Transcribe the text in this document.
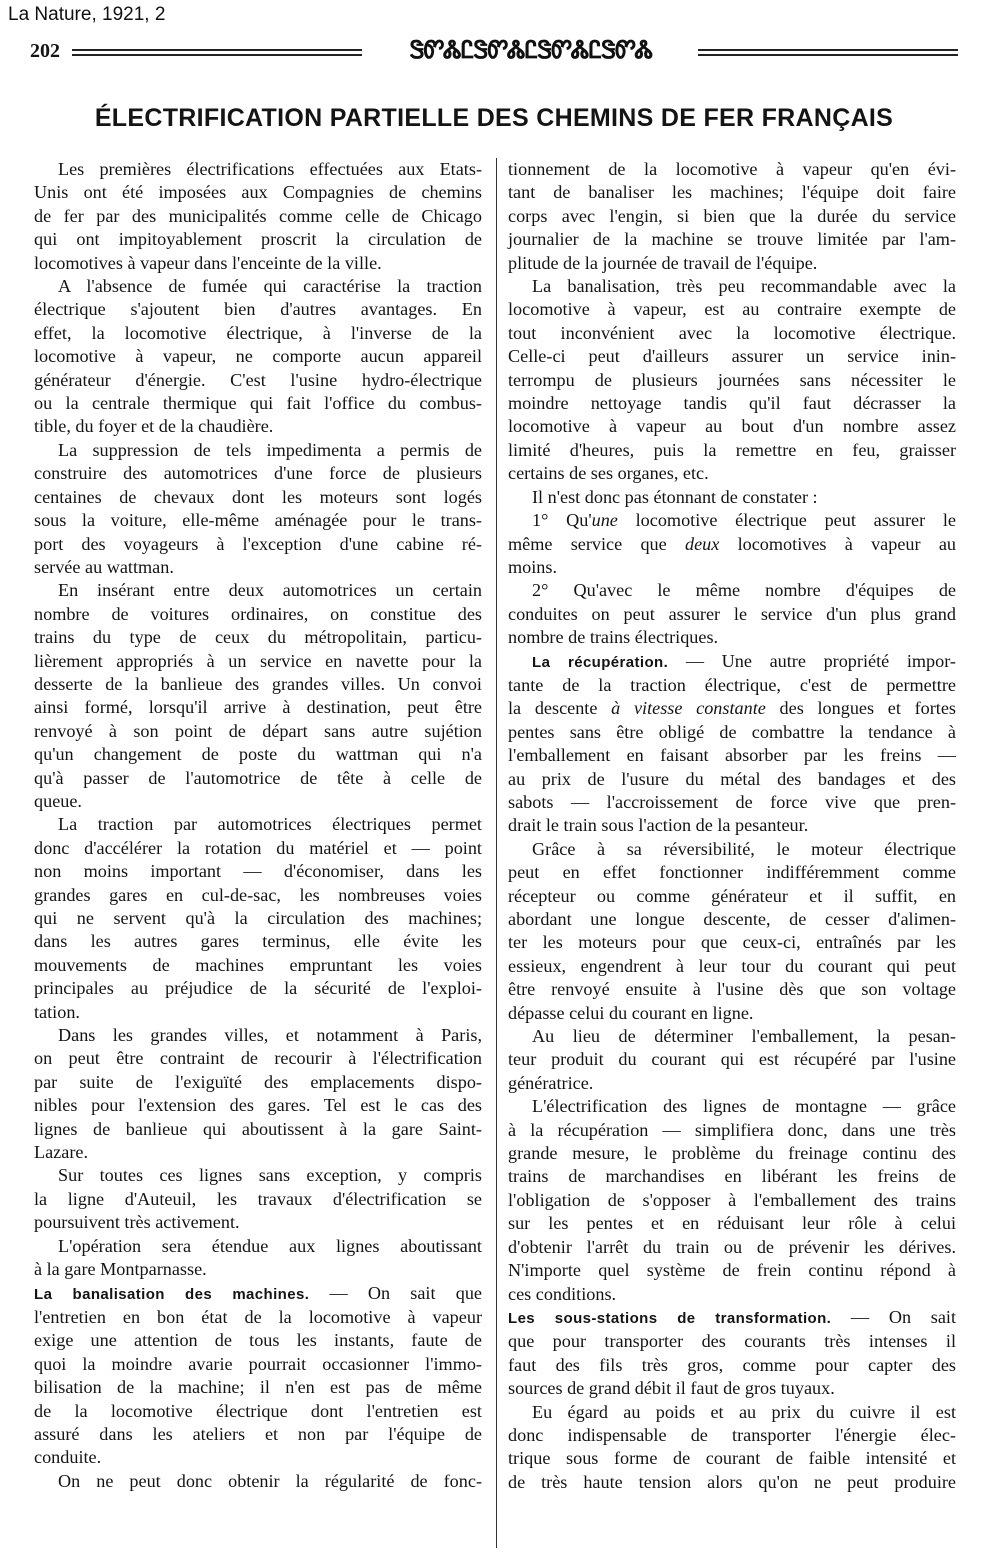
La Nature, 1921, 2
202	ᏕᏛᏜᏝᏕᏛᏜᏝᏕᏛᏜᏝᏕᏛᏜ
ÉLECTRIFICATION PARTIELLE DES CHEMINS DE FER FRANÇAIS
Les premières électrifications effectuées aux Etats-
Unis ont été imposées aux Compagnies de chemins
de fer par des municipalités comme celle de Chicago
qui ont impitoyablement proscrit la circulation de
locomotives à vapeur dans l'enceinte de la ville.
A l'absence de fumée qui caractérise la traction
électrique s'ajoutent bien d'autres avantages. En
effet, la locomotive électrique, à l'inverse de la
locomotive à vapeur, ne comporte aucun appareil
générateur d'énergie. C'est l'usine hydro-électrique
ou la centrale thermique qui fait l'office du combus-
tible, du foyer et de la chaudière.
La suppression de tels impedimenta a permis de
construire des automotrices d'une force de plusieurs
centaines de chevaux dont les moteurs sont logés
sous la voiture, elle-même aménagée pour le trans-
port des voyageurs à l'exception d'une cabine ré-
servée au wattman.
En insérant entre deux automotrices un certain
nombre de voitures ordinaires, on constitue des
trains du type de ceux du métropolitain, particu-
lièrement appropriés à un service en navette pour la
desserte de la banlieue des grandes villes. Un convoi
ainsi formé, lorsqu'il arrive à destination, peut être
renvoyé à son point de départ sans autre sujétion
qu'un changement de poste du wattman qui n'a
qu'à passer de l'automotrice de tête à celle de
queue.
La traction par automotrices électriques permet
donc d'accélérer la rotation du matériel et — point
non moins important — d'économiser, dans les
grandes gares en cul-de-sac, les nombreuses voies
qui ne servent qu'à la circulation des machines;
dans les autres gares terminus, elle évite les
mouvements de machines empruntant les voies
principales au préjudice de la sécurité de l'exploi-
tation.
Dans les grandes villes, et notamment à Paris,
on peut être contraint de recourir à l'électrification
par suite de l'exiguïté des emplacements dispo-
nibles pour l'extension des gares. Tel est le cas des
lignes de banlieue qui aboutissent à la gare Saint-
Lazare.
Sur toutes ces lignes sans exception, y compris
la ligne d'Auteuil, les travaux d'électrification se
poursuivent très activement.
L'opération sera étendue aux lignes aboutissant
à la gare Montparnasse.
La banalisation des machines. — On sait que
l'entretien en bon état de la locomotive à vapeur
exige une attention de tous les instants, faute de
quoi la moindre avarie pourrait occasionner l'immo-
bilisation de la machine; il n'en est pas de même
de la locomotive électrique dont l'entretien est
assuré dans les ateliers et non par l'équipe de
conduite.
On ne peut donc obtenir la régularité de fonc-
tionnement de la locomotive à vapeur qu'en évi-
tant de banaliser les machines; l'équipe doit faire
corps avec l'engin, si bien que la durée du service
journalier de la machine se trouve limitée par l'am-
plitude de la journée de travail de l'équipe.
La banalisation, très peu recommandable avec la
locomotive à vapeur, est au contraire exempte de
tout inconvénient avec la locomotive électrique.
Celle-ci peut d'ailleurs assurer un service inin-
terrompu de plusieurs journées sans nécessiter le
moindre nettoyage tandis qu'il faut décrasser la
locomotive à vapeur au bout d'un nombre assez
limité d'heures, puis la remettre en feu, graisser
certains de ses organes, etc.
Il n'est donc pas étonnant de constater :
1° Qu'une locomotive électrique peut assurer le
même service que deux locomotives à vapeur au
moins.
2° Qu'avec le même nombre d'équipes de
conduites on peut assurer le service d'un plus grand
nombre de trains électriques.
La récupération. — Une autre propriété impor-
tante de la traction électrique, c'est de permettre
la descente à vitesse constante des longues et fortes
pentes sans être obligé de combattre la tendance à
l'emballement en faisant absorber par les freins —
au prix de l'usure du métal des bandages et des
sabots — l'accroissement de force vive que pren-
drait le train sous l'action de la pesanteur.
Grâce à sa réversibilité, le moteur électrique
peut en effet fonctionner indifféremment comme
récepteur ou comme générateur et il suffit, en
abordant une longue descente, de cesser d'alimen-
ter les moteurs pour que ceux-ci, entraînés par les
essieux, engendrent à leur tour du courant qui peut
être renvoyé ensuite à l'usine dès que son voltage
dépasse celui du courant en ligne.
Au lieu de déterminer l'emballement, la pesan-
teur produit du courant qui est récupéré par l'usine
génératrice.
L'électrification des lignes de montagne — grâce
à la récupération — simplifiera donc, dans une très
grande mesure, le problème du freinage continu des
trains de marchandises en libérant les freins de
l'obligation de s'opposer à l'emballement des trains
sur les pentes et en réduisant leur rôle à celui
d'obtenir l'arrêt du train ou de prévenir les dérives.
N'importe quel système de frein continu répond à
ces conditions.
Les sous-stations de transformation. — On sait
que pour transporter des courants très intenses il
faut des fils très gros, comme pour capter des
sources de grand débit il faut de gros tuyaux.
Eu égard au poids et au prix du cuivre il est
donc indispensable de transporter l'énergie élec-
trique sous forme de courant de faible intensité et
de très haute tension alors qu'on ne peut produire
